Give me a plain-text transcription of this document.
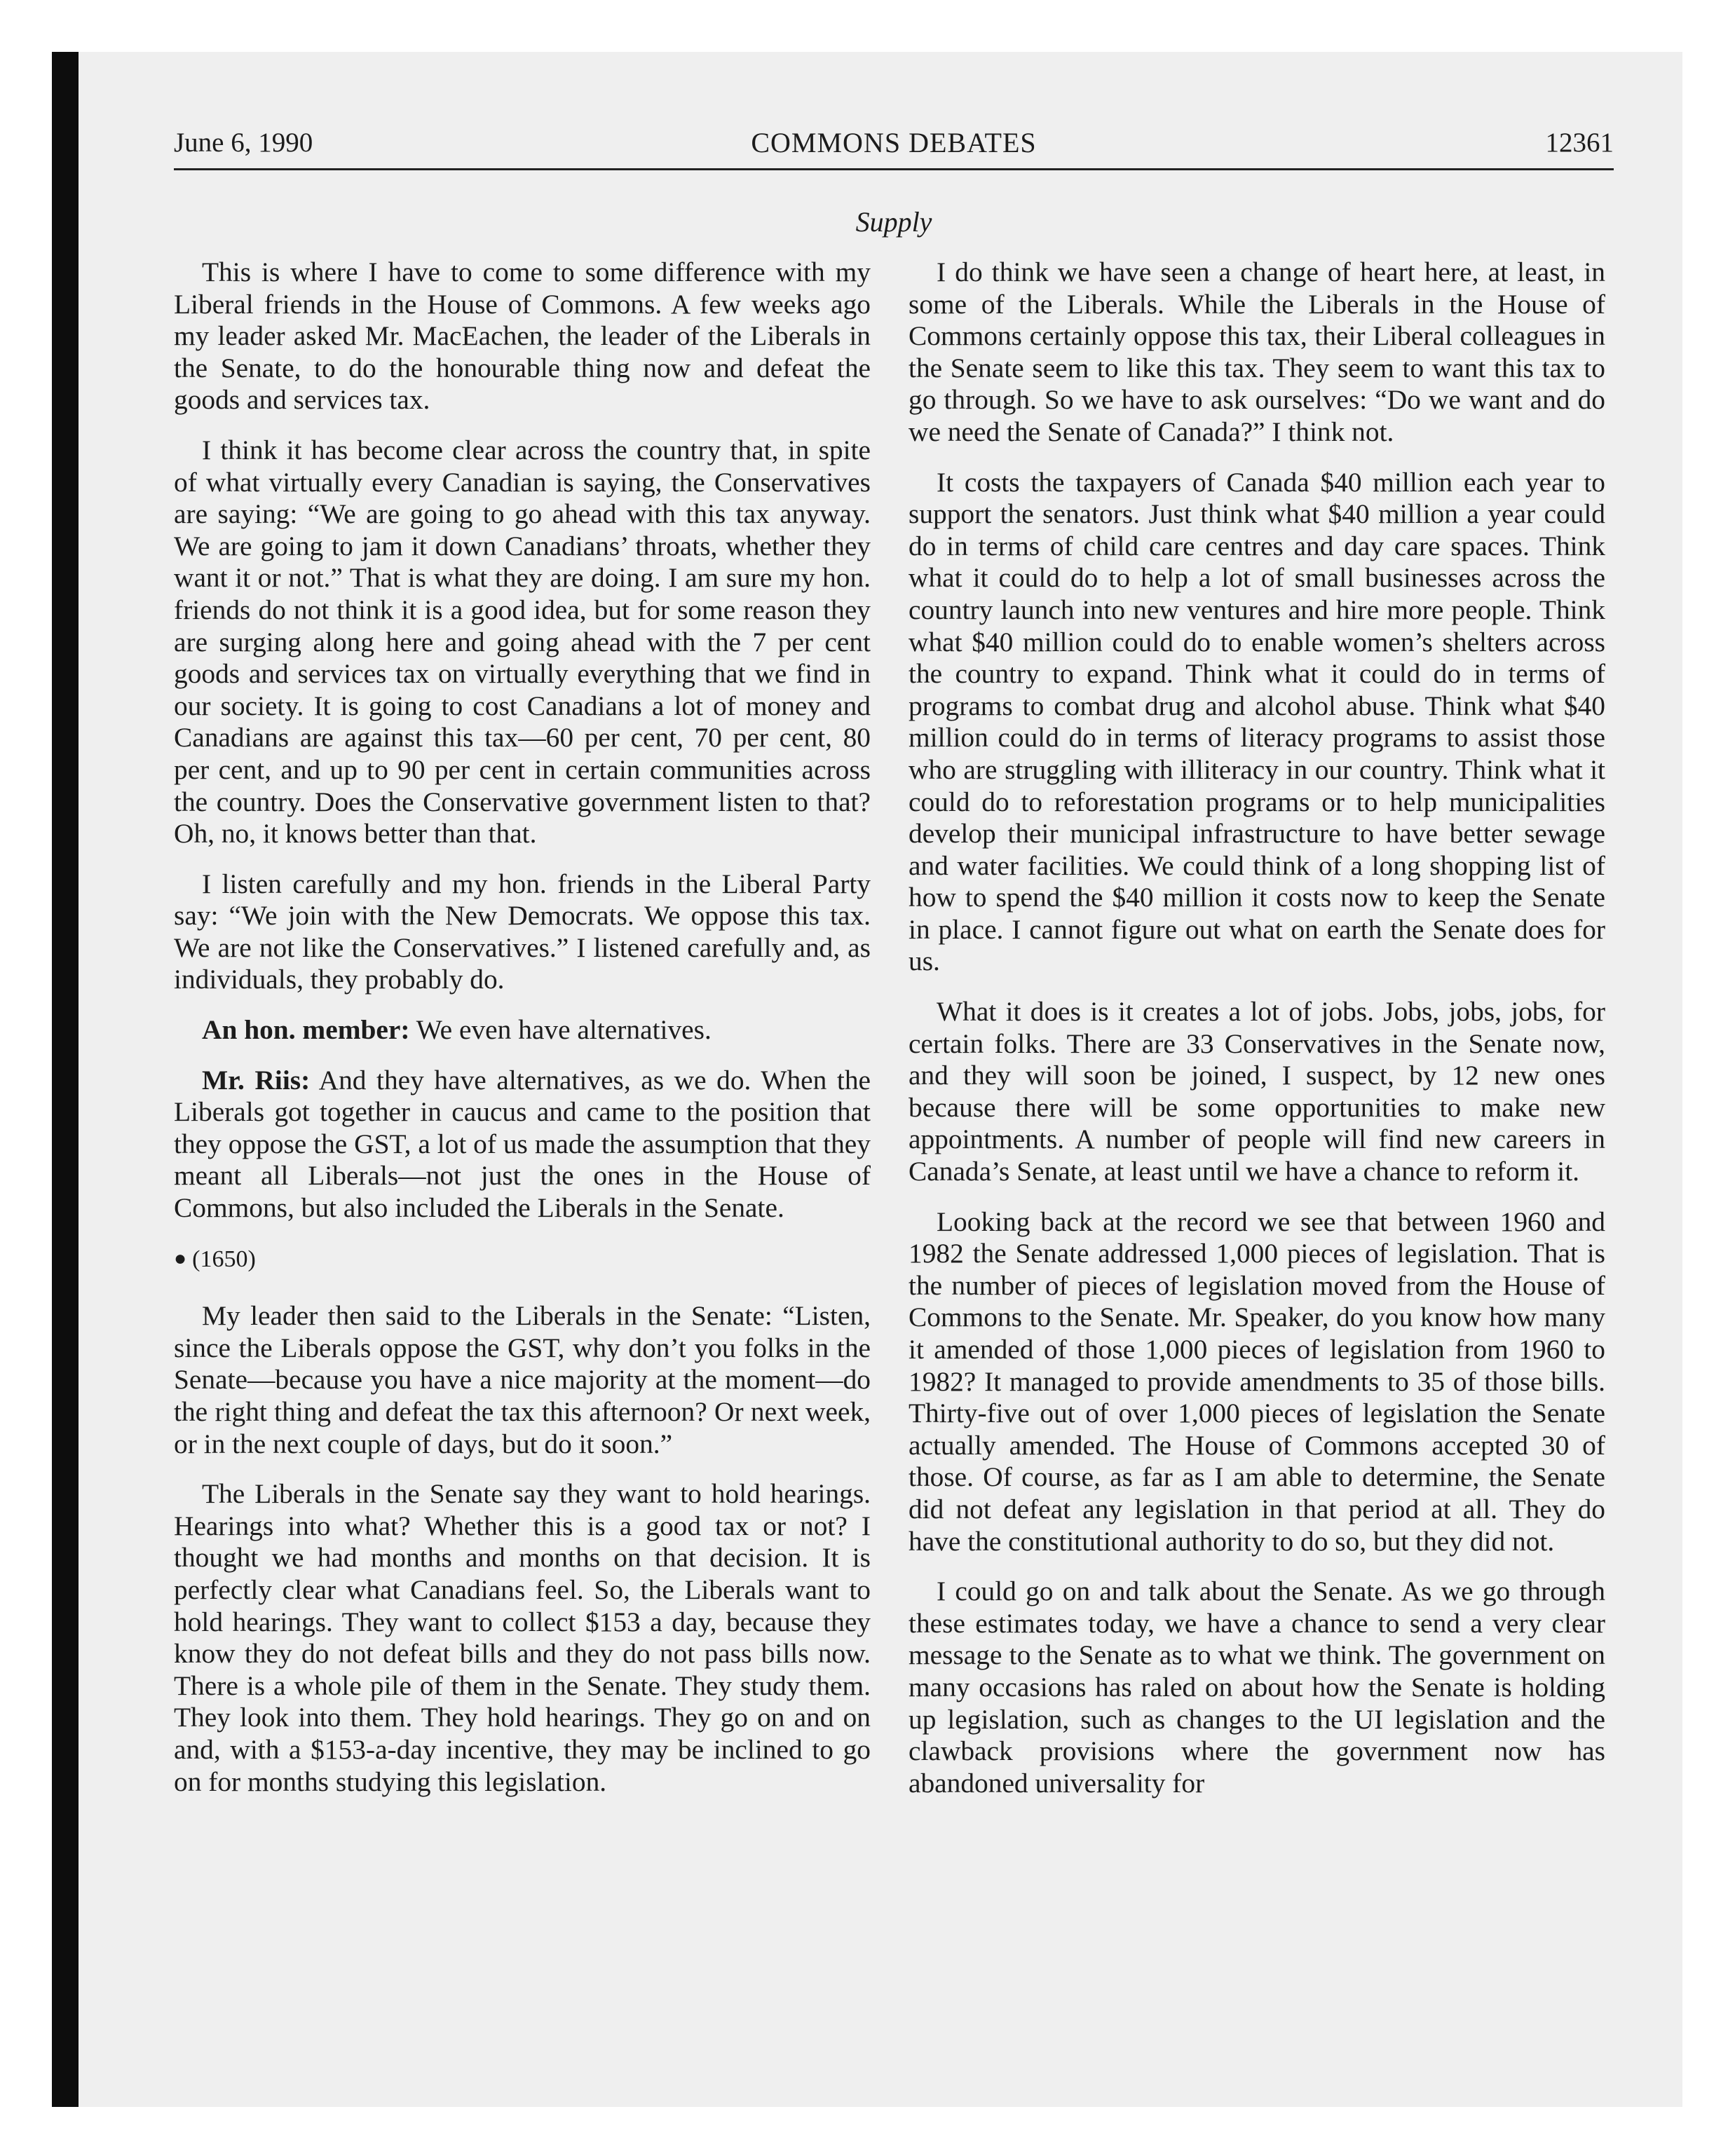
June 6, 1990	COMMONS DEBATES	12361
Supply

This is where I have to come to some difference with my Liberal friends in the House of Commons. A few weeks ago my leader asked Mr. MacEachen, the leader of the Liberals in the Senate, to do the honourable thing now and defeat the goods and services tax.

I think it has become clear across the country that, in spite of what virtually every Canadian is saying, the Conservatives are saying: “We are going to go ahead with this tax anyway. We are going to jam it down Canadians’ throats, whether they want it or not.” That is what they are doing. I am sure my hon. friends do not think it is a good idea, but for some reason they are surging along here and going ahead with the 7 per cent goods and services tax on virtually everything that we find in our society. It is going to cost Canadians a lot of money and Canadians are against this tax—60 per cent, 70 per cent, 80 per cent, and up to 90 per cent in certain communities across the country. Does the Conservative government listen to that? Oh, no, it knows better than that.

I listen carefully and my hon. friends in the Liberal Party say: “We join with the New Democrats. We oppose this tax. We are not like the Conservatives.” I listened carefully and, as individuals, they probably do.

An hon. member: We even have alternatives.

Mr. Riis: And they have alternatives, as we do. When the Liberals got together in caucus and came to the position that they oppose the GST, a lot of us made the assumption that they meant all Liberals—not just the ones in the House of Commons, but also included the Liberals in the Senate.

● (1650)

My leader then said to the Liberals in the Senate: “Listen, since the Liberals oppose the GST, why don’t you folks in the Senate—because you have a nice majority at the moment—do the right thing and defeat the tax this afternoon? Or next week, or in the next couple of days, but do it soon.”

The Liberals in the Senate say they want to hold hearings. Hearings into what? Whether this is a good tax or not? I thought we had months and months on that decision. It is perfectly clear what Canadians feel. So, the Liberals want to hold hearings. They want to collect $153 a day, because they know they do not defeat bills and they do not pass bills now. There is a whole pile of them in the Senate. They study them. They look into them. They hold hearings. They go on and on and, with a $153-a-day incentive, they may be inclined to go on for months studying this legislation.

I do think we have seen a change of heart here, at least, in some of the Liberals. While the Liberals in the House of Commons certainly oppose this tax, their Liberal colleagues in the Senate seem to like this tax. They seem to want this tax to go through. So we have to ask ourselves: “Do we want and do we need the Senate of Canada?” I think not.

It costs the taxpayers of Canada $40 million each year to support the senators. Just think what $40 million a year could do in terms of child care centres and day care spaces. Think what it could do to help a lot of small businesses across the country launch into new ventures and hire more people. Think what $40 million could do to enable women’s shelters across the country to expand. Think what it could do in terms of programs to combat drug and alcohol abuse. Think what $40 million could do in terms of literacy programs to assist those who are struggling with illiteracy in our country. Think what it could do to reforestation programs or to help municipalities develop their municipal infrastructure to have better sewage and water facilities. We could think of a long shopping list of how to spend the $40 million it costs now to keep the Senate in place. I cannot figure out what on earth the Senate does for us.

What it does is it creates a lot of jobs. Jobs, jobs, jobs, for certain folks. There are 33 Conservatives in the Senate now, and they will soon be joined, I suspect, by 12 new ones because there will be some opportunities to make new appointments. A number of people will find new careers in Canada’s Senate, at least until we have a chance to reform it.

Looking back at the record we see that between 1960 and 1982 the Senate addressed 1,000 pieces of legislation. That is the number of pieces of legislation moved from the House of Commons to the Senate. Mr. Speaker, do you know how many it amended of those 1,000 pieces of legislation from 1960 to 1982? It managed to provide amendments to 35 of those bills. Thirty-five out of over 1,000 pieces of legislation the Senate actually amended. The House of Commons accepted 30 of those. Of course, as far as I am able to determine, the Senate did not defeat any legislation in that period at all. They do have the constitutional authority to do so, but they did not.

I could go on and talk about the Senate. As we go through these estimates today, we have a chance to send a very clear message to the Senate as to what we think. The government on many occasions has raled on about how the Senate is holding up legislation, such as changes to the UI legislation and the clawback provisions where the government now has abandoned universality for
